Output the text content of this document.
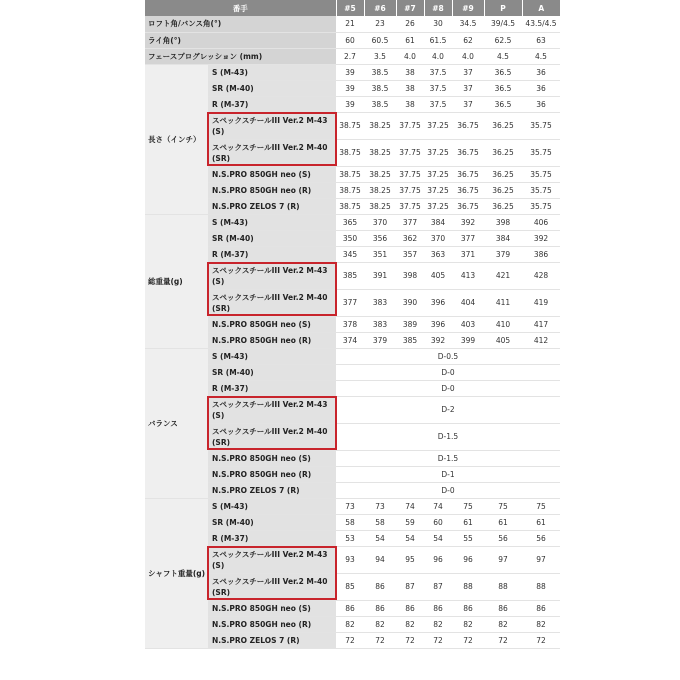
番手		#5	#6	#7	#8	#9	P	A
ロフト角/バンス角(°)		21	23	26	30	34.5	39/4.5	43.5/4.5
ライ角(°)		60	60.5	61	61.5	62	62.5	63
フェースプログレッション (mm)		2.7	3.5	4.0	4.0	4.0	4.5	4.5
長さ（インチ）	S (M-43)	39	38.5	38	37.5	37	36.5	36
	SR (M-40)	39	38.5	38	37.5	37	36.5	36
	R (M-37)	39	38.5	38	37.5	37	36.5	36
	スペックスチールIII Ver.2 M-43 (S)	38.75	38.25	37.75	37.25	36.75	36.25	35.75
	スペックスチールIII Ver.2 M-40 (SR)	38.75	38.25	37.75	37.25	36.75	36.25	35.75
	N.S.PRO 850GH neo (S)	38.75	38.25	37.75	37.25	36.75	36.25	35.75
	N.S.PRO 850GH neo (R)	38.75	38.25	37.75	37.25	36.75	36.25	35.75
	N.S.PRO ZELOS 7 (R)	38.75	38.25	37.75	37.25	36.75	36.25	35.75
総重量(g)	S (M-43)	365	370	377	384	392	398	406
	SR (M-40)	350	356	362	370	377	384	392
	R (M-37)	345	351	357	363	371	379	386
	スペックスチールIII Ver.2 M-43 (S)	385	391	398	405	413	421	428
	スペックスチールIII Ver.2 M-40 (SR)	377	383	390	396	404	411	419
	N.S.PRO 850GH neo (S)	378	383	389	396	403	410	417
	N.S.PRO 850GH neo (R)	374	379	385	392	399	405	412
バランス	S (M-43)	D-0.5						
	SR (M-40)	D-0						
	R (M-37)	D-0						
	スペックスチールIII Ver.2 M-43 (S)	D-2						
	スペックスチールIII Ver.2 M-40 (SR)	D-1.5						
	N.S.PRO 850GH neo (S)	D-1.5						
	N.S.PRO 850GH neo (R)	D-1						
	N.S.PRO ZELOS 7 (R)	D-0						
シャフト重量(g)	S (M-43)	73	73	74	74	75	75	75
	SR (M-40)	58	58	59	60	61	61	61
	R (M-37)	53	54	54	54	55	56	56
	スペックスチールIII Ver.2 M-43 (S)	93	94	95	96	96	97	97
	スペックスチールIII Ver.2 M-40 (SR)	85	86	87	87	88	88	88
	N.S.PRO 850GH neo (S)	86	86	86	86	86	86	86
	N.S.PRO 850GH neo (R)	82	82	82	82	82	82	82
	N.S.PRO ZELOS 7 (R)	72	72	72	72	72	72	72
